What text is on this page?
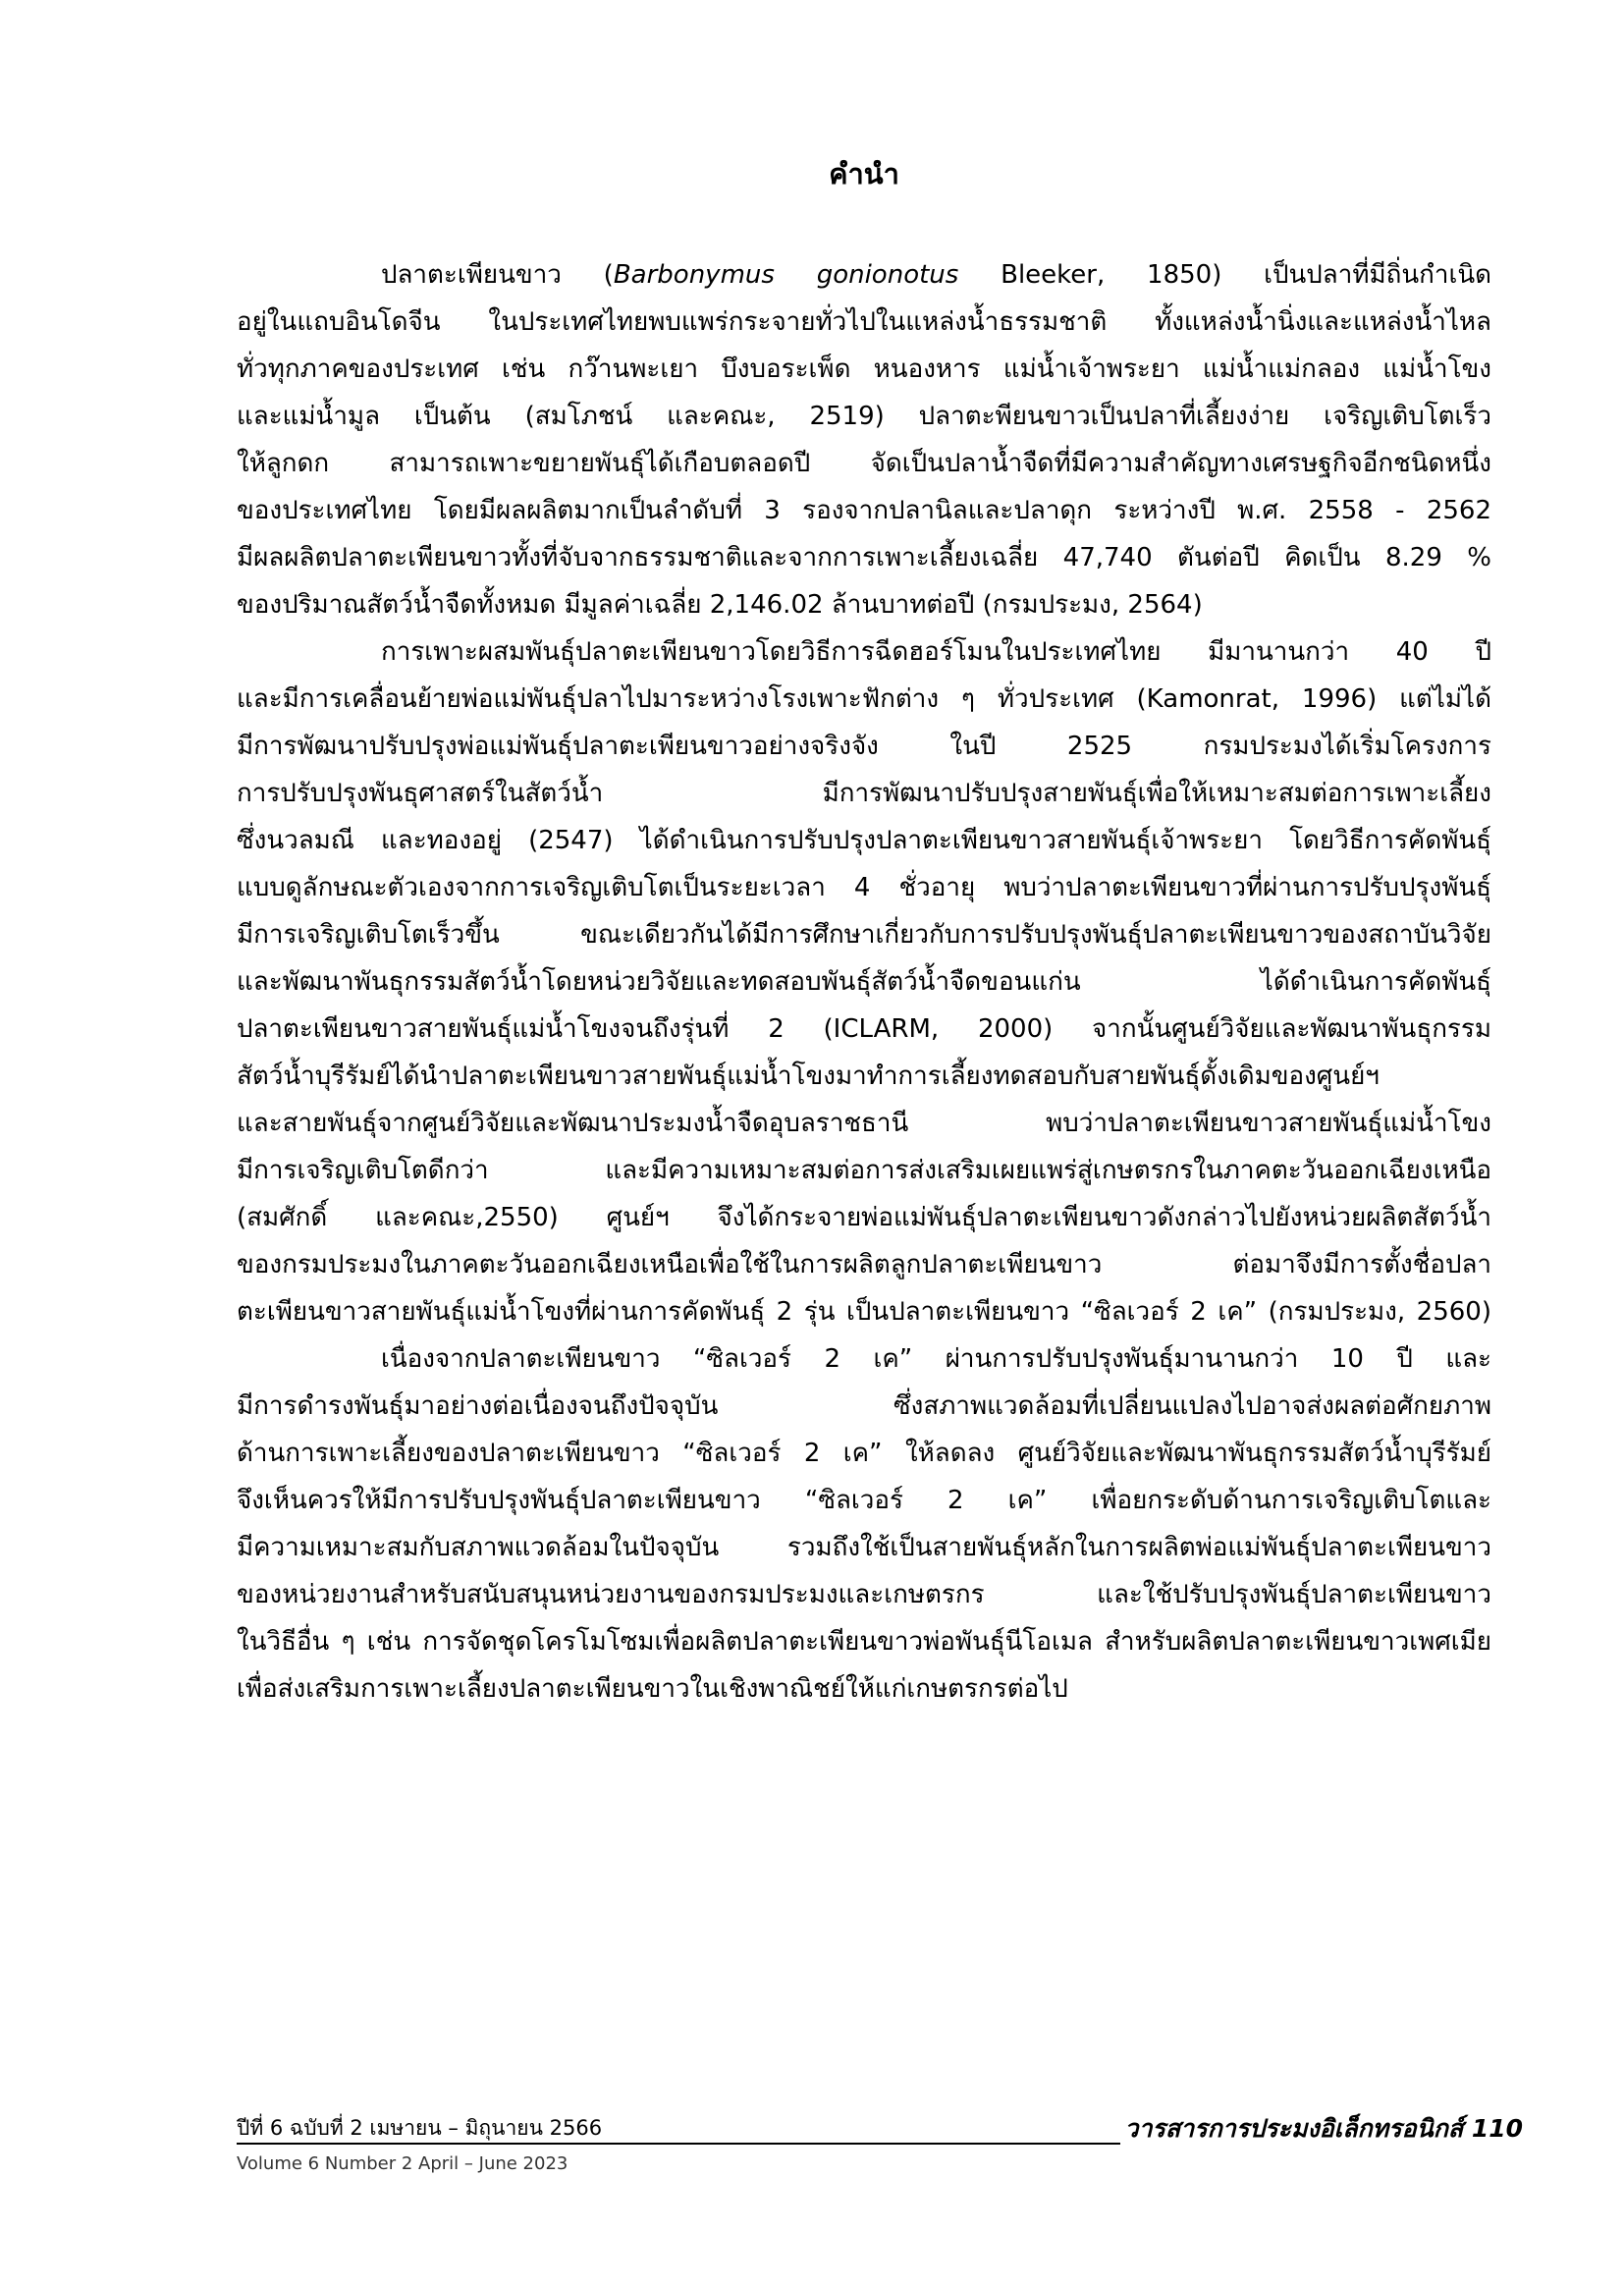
คำนำ
ปลาตะเพียนขาว (Barbonymus gonionotus Bleeker, 1850) เป็นปลาที่มีถิ่นกำเนิด
อยู่ในแถบอินโดจีน ในประเทศไทยพบแพร่กระจายทั่วไปในแหล่งน้ำธรรมชาติ ทั้งแหล่งน้ำนิ่งและแหล่งน้ำไหล
ทั่วทุกภาคของประเทศ เช่น กว๊านพะเยา บึงบอระเพ็ด หนองหาร แม่น้ำเจ้าพระยา แม่น้ำแม่กลอง แม่น้ำโขง
และแม่น้ำมูล เป็นต้น (สมโภชน์ และคณะ, 2519) ปลาตะพียนขาวเป็นปลาที่เลี้ยงง่าย เจริญเติบโตเร็ว
ให้ลูกดก สามารถเพาะขยายพันธุ์ได้เกือบตลอดปี จัดเป็นปลาน้ำจืดที่มีความสำคัญทางเศรษฐกิจอีกชนิดหนึ่ง
ของประเทศไทย โดยมีผลผลิตมากเป็นลำดับที่ 3 รองจากปลานิลและปลาดุก ระหว่างปี พ.ศ. 2558 - 2562
มีผลผลิตปลาตะเพียนขาวทั้งที่จับจากธรรมชาติและจากการเพาะเลี้ยงเฉลี่ย 47,740 ตันต่อปี คิดเป็น 8.29 %
ของปริมาณสัตว์น้ำจืดทั้งหมด มีมูลค่าเฉลี่ย 2,146.02 ล้านบาทต่อปี (กรมประมง, 2564)
การเพาะผสมพันธุ์ปลาตะเพียนขาวโดยวิธีการฉีดฮอร์โมนในประเทศไทย มีมานานกว่า 40 ปี
และมีการเคลื่อนย้ายพ่อแม่พันธุ์ปลาไปมาระหว่างโรงเพาะฟักต่าง ๆ ทั่วประเทศ (Kamonrat, 1996) แต่ไม่ได้
มีการพัฒนาปรับปรุงพ่อแม่พันธุ์ปลาตะเพียนขาวอย่างจริงจัง ในปี 2525 กรมประมงได้เริ่มโครงการ
การปรับปรุงพันธุศาสตร์ในสัตว์น้ำ มีการพัฒนาปรับปรุงสายพันธุ์เพื่อให้เหมาะสมต่อการเพาะเลี้ยง
ซึ่งนวลมณี และทองอยู่ (2547) ได้ดำเนินการปรับปรุงปลาตะเพียนขาวสายพันธุ์เจ้าพระยา โดยวิธีการคัดพันธุ์
แบบดูลักษณะตัวเองจากการเจริญเติบโตเป็นระยะเวลา 4 ชั่วอายุ พบว่าปลาตะเพียนขาวที่ผ่านการปรับปรุงพันธุ์
มีการเจริญเติบโตเร็วขึ้น ขณะเดียวกันได้มีการศึกษาเกี่ยวกับการปรับปรุงพันธุ์ปลาตะเพียนขาวของสถาบันวิจัย
และพัฒนาพันธุกรรมสัตว์น้ำโดยหน่วยวิจัยและทดสอบพันธุ์สัตว์น้ำจืดขอนแก่น ได้ดำเนินการคัดพันธุ์
ปลาตะเพียนขาวสายพันธุ์แม่น้ำโขงจนถึงรุ่นที่ 2 (ICLARM, 2000) จากนั้นศูนย์วิจัยและพัฒนาพันธุกรรม
สัตว์น้ำบุรีรัมย์ได้นำปลาตะเพียนขาวสายพันธุ์แม่น้ำโขงมาทำการเลี้ยงทดสอบกับสายพันธุ์ดั้งเดิมของศูนย์ฯ
และสายพันธุ์จากศูนย์วิจัยและพัฒนาประมงน้ำจืดอุบลราชธานี พบว่าปลาตะเพียนขาวสายพันธุ์แม่น้ำโขง
มีการเจริญเติบโตดีกว่า และมีความเหมาะสมต่อการส่งเสริมเผยแพร่สู่เกษตรกรในภาคตะวันออกเฉียงเหนือ
(สมศักดิ์ และคณะ,2550) ศูนย์ฯ จึงได้กระจายพ่อแม่พันธุ์ปลาตะเพียนขาวดังกล่าวไปยังหน่วยผลิตสัตว์น้ำ
ของกรมประมงในภาคตะวันออกเฉียงเหนือเพื่อใช้ในการผลิตลูกปลาตะเพียนขาว ต่อมาจึงมีการตั้งชื่อปลา
ตะเพียนขาวสายพันธุ์แม่น้ำโขงที่ผ่านการคัดพันธุ์ 2 รุ่น เป็นปลาตะเพียนขาว “ซิลเวอร์ 2 เค” (กรมประมง, 2560)
เนื่องจากปลาตะเพียนขาว “ซิลเวอร์ 2 เค” ผ่านการปรับปรุงพันธุ์มานานกว่า 10 ปี และ
มีการดำรงพันธุ์มาอย่างต่อเนื่องจนถึงปัจจุบัน ซึ่งสภาพแวดล้อมที่เปลี่ยนแปลงไปอาจส่งผลต่อศักยภาพ
ด้านการเพาะเลี้ยงของปลาตะเพียนขาว “ซิลเวอร์ 2 เค” ให้ลดลง ศูนย์วิจัยและพัฒนาพันธุกรรมสัตว์น้ำบุรีรัมย์
จึงเห็นควรให้มีการปรับปรุงพันธุ์ปลาตะเพียนขาว “ซิลเวอร์ 2 เค” เพื่อยกระดับด้านการเจริญเติบโตและ
มีความเหมาะสมกับสภาพแวดล้อมในปัจจุบัน รวมถึงใช้เป็นสายพันธุ์หลักในการผลิตพ่อแม่พันธุ์ปลาตะเพียนขาว
ของหน่วยงานสำหรับสนับสนุนหน่วยงานของกรมประมงและเกษตรกร และใช้ปรับปรุงพันธุ์ปลาตะเพียนขาว
ในวิธีอื่น ๆ เช่น การจัดชุดโครโมโซมเพื่อผลิตปลาตะเพียนขาวพ่อพันธุ์นีโอเมล สำหรับผลิตปลาตะเพียนขาวเพศเมีย
เพื่อส่งเสริมการเพาะเลี้ยงปลาตะเพียนขาวในเชิงพาณิชย์ให้แก่เกษตรกรต่อไป
ปีที่ 6 ฉบับที่ 2 เมษายน – มิถุนายน 2566	วารสารการประมงอิเล็กทรอนิกส์ 110
Volume 6 Number 2 April – June 2023
